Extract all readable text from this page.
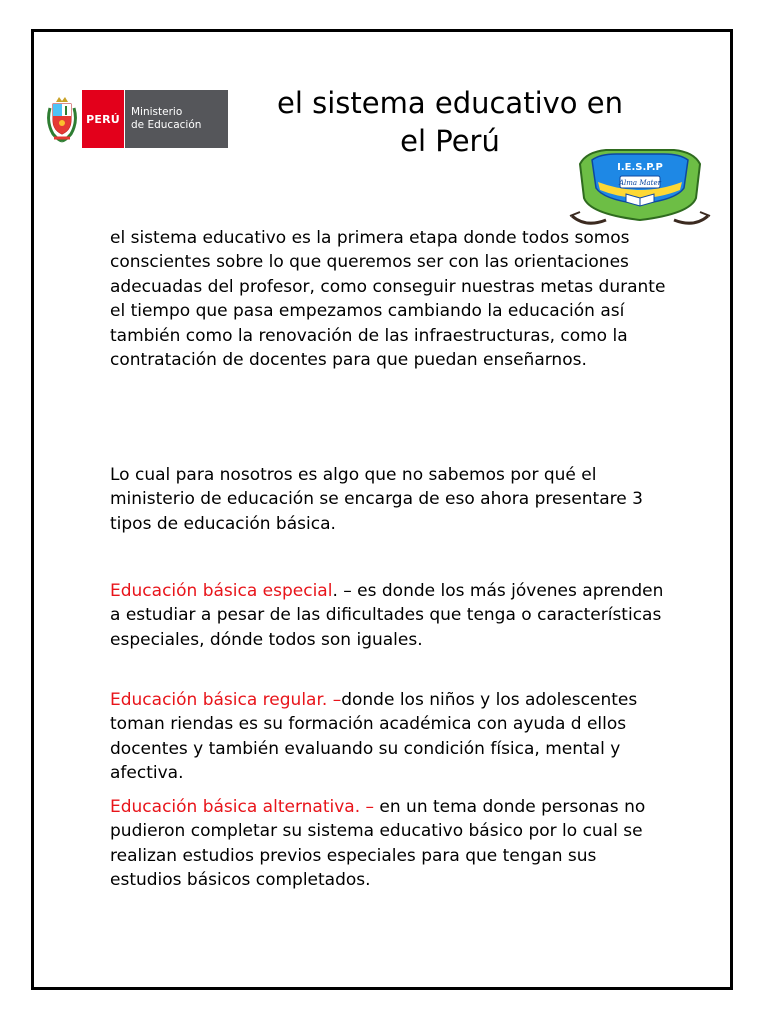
PERÚ
Ministerio
de Educación
el sistema educativo en
el Perú
Alma Mater
I.E.S.P.P

el sistema educativo es la primera etapa donde todos somos conscientes sobre lo que queremos ser con las orientaciones adecuadas del profesor, como conseguir nuestras metas durante el tiempo que pasa empezamos cambiando la educación así también como la renovación de las infraestructuras, como la contratación de docentes para que puedan enseñarnos.

Lo cual para nosotros es algo que no sabemos por qué el ministerio de educación se encarga de eso ahora presentare 3 tipos de educación básica.

Educación básica especial. – es donde los más jóvenes aprenden a estudiar a pesar de las dificultades que tenga o características especiales, dónde todos son iguales.

Educación básica regular. –donde los niños y los adolescentes toman riendas es su formación académica con ayuda d ellos docentes y también evaluando su condición física, mental y afectiva.

Educación básica alternativa. – en un tema donde personas no pudieron completar su sistema educativo básico por lo cual se realizan estudios previos especiales para que tengan sus estudios básicos completados.
